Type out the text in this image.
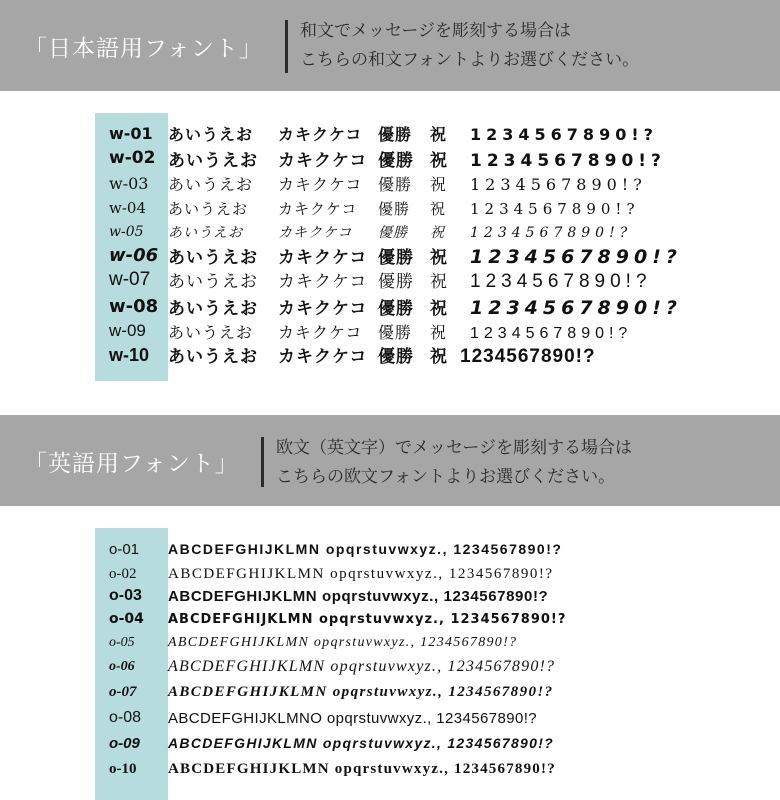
「日本語用フォント」
和文でメッセージを彫刻する場合は
こちらの和文フォントよりお選びください。
w-01 あいうえお カキクケコ 優勝 祝 1234567890!?
w-02 あいうえお カキクケコ 優勝 祝 1234567890!?
w-03	あいうえお カキクケコ 優勝 祝 1234567890!?
w-04	あいうえお カキクケコ 優勝 祝 1234567890!?
w-05	あいうえお	カキクケコ 優勝 祝 1234567890!?
w-06 あいうえお カキクケコ 優勝 祝 1234567890!?
w-07	あいうえお カキクケコ 優勝 祝 1234567890!?
w-08 あいうえお カキクケコ 優勝 祝 1234567890!?
w-09	あいうえお カキクケコ 優勝 祝 1234567890!?
w-10	あいうえお カキクケコ 優勝 祝 1234567890!?
「英語用フォント」
欧文（英文字）でメッセージを彫刻する場合は
こちらの欧文フォントよりお選びください。
o-01	ABCDEFGHIJKLMN opqrstuvwxyz., 1234567890!?
o-02	ABCDEFGHIJKLMN opqrstuvwxyz., 1234567890!?
o-03	ABCDEFGHIJKLMN opqrstuvwxyz., 1234567890!?
o-04	ABCDEFGHIJKLMN opqrstuvwxyz., 1234567890!?
o-05	ABCDEFGHIJKLMN opqrstuvwxyz., 1234567890!?
o-06	ABCDEFGHIJKLMN opqrstuvwxyz., 1234567890!?
o-07	ABCDEFGHIJKLMN opqrstuvwxyz., 1234567890!?
o-08	ABCDEFGHIJKLMNO opqrstuvwxyz., 1234567890!?
o-09	ABCDEFGHIJKLMN opqrstuvwxyz., 1234567890!?
o-10	ABCDEFGHIJKLMN opqrstuvwxyz., 1234567890!?
